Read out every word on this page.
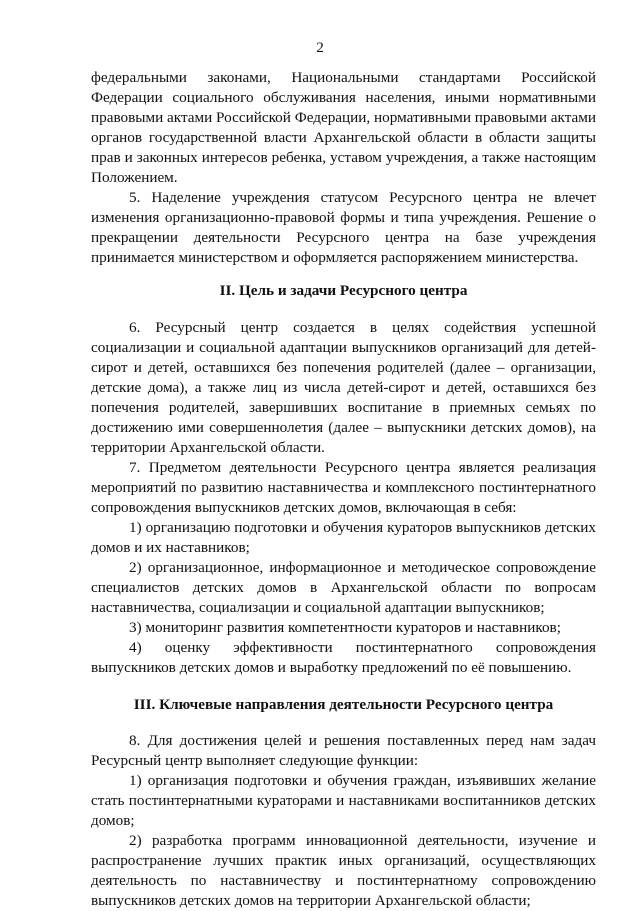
2

федеральными законами, Национальными стандартами Российской Федерации социального обслуживания населения, иными нормативными правовыми актами Российской Федерации, нормативными правовыми актами органов государственной власти Архангельской области в области защиты прав и законных интересов ребенка, уставом учреждения, а также настоящим Положением.

5. Наделение учреждения статусом Ресурсного центра не влечет изменения организационно-правовой формы и типа учреждения. Решение о прекращении деятельности Ресурсного центра на базе учреждения принимается министерством и оформляется распоряжением министерства.

II. Цель и задачи Ресурсного центра

6. Ресурсный центр создается в целях содействия успешной социализации и социальной адаптации выпускников организаций для детей-сирот и детей, оставшихся без попечения родителей (далее – организации, детские дома), а также лиц из числа детей-сирот и детей, оставшихся без попечения родителей, завершивших воспитание в приемных семьях по достижению ими совершеннолетия (далее – выпускники детских домов), на территории Архангельской области.

7. Предметом деятельности Ресурсного центра является реализация мероприятий по развитию наставничества и комплексного постинтернатного сопровождения выпускников детских домов, включающая в себя:

1) организацию подготовки и обучения кураторов выпускников детских домов и их наставников;

2) организационное, информационное и методическое сопровождение специалистов детских домов в Архангельской области по вопросам наставничества, социализации и социальной адаптации выпускников;

3) мониторинг развития компетентности кураторов и наставников;

4) оценку эффективности постинтернатного сопровождения выпускников детских домов и выработку предложений по её повышению.

III. Ключевые направления деятельности Ресурсного центра

8. Для достижения целей и решения поставленных перед нам задач Ресурсный центр выполняет следующие функции:

1) организация подготовки и обучения граждан, изъявивших желание стать постинтернатными кураторами и наставниками воспитанников детских домов;

2) разработка программ инновационной деятельности, изучение и распространение лучших практик иных организаций, осуществляющих деятельность по наставничеству и постинтернатному сопровождению выпускников детских домов на территории Архангельской области;
